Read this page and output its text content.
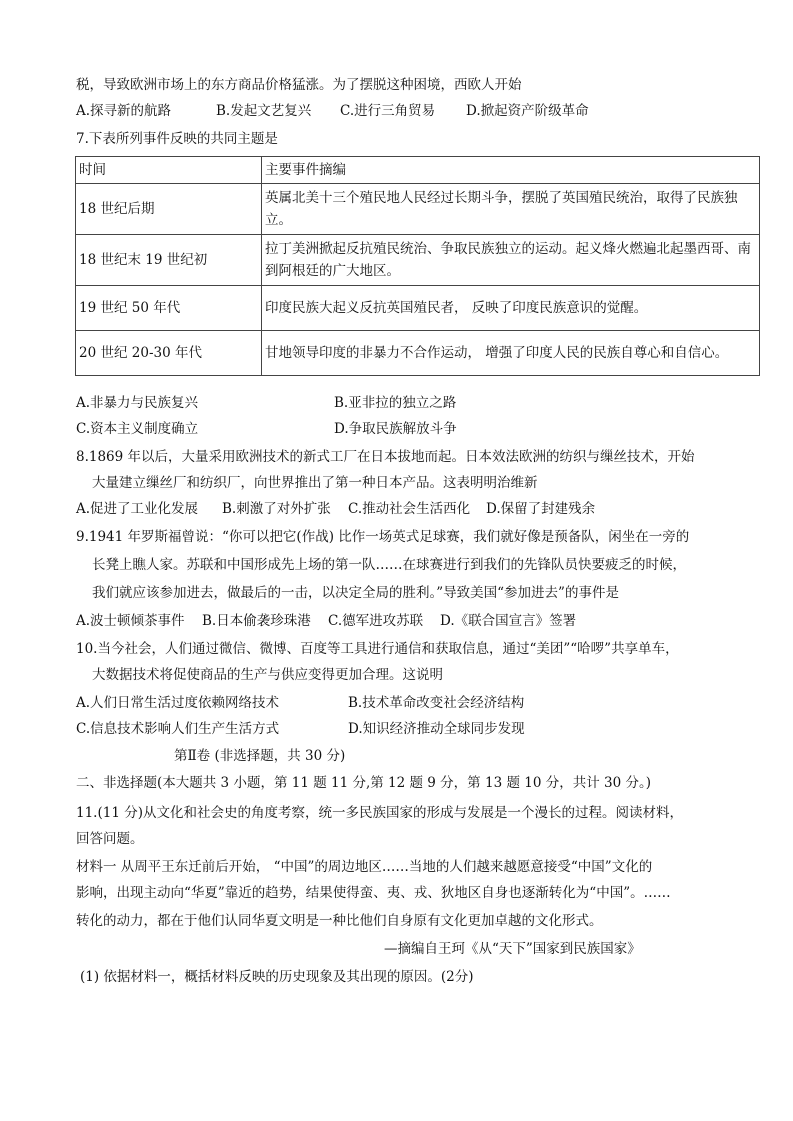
税，导致欧洲市场上的东方商品价格猛涨。为了摆脱这种困境，西欧人开始
A.探寻新的航路	B.发起文艺复兴 C.进行三角贸易 D.掀起资产阶级革命
7.下表所列事件反映的共同主题是
时间	主要事件摘编
18 世纪后期	英属北美十三个殖民地人民经过长期斗争，摆脱了英国殖民统治，取得了民族独立。
18 世纪末 19 世纪初	拉丁美洲掀起反抗殖民统治、争取民族独立的运动。起义烽火燃遍北起墨西哥、南到阿根廷的广大地区。
19 世纪 50 年代	印度民族大起义反抗英国殖民者， 反映了印度民族意识的觉醒。
20 世纪 20-30 年代	甘地领导印度的非暴力不合作运动， 增强了印度人民的民族自尊心和自信心。
A.非暴力与民族复兴	B.亚非拉的独立之路
C.资本主义制度确立	D.争取民族解放斗争
8.1869 年以后，大量采用欧洲技术的新式工厂在日本拔地而起。日本效法欧洲的纺织与缫丝技术，开始
大量建立缫丝厂和纺织厂，向世界推出了第一种日本产品。这表明明治维新
A.促进了工业化发展 B.刺激了对外扩张 C.推动社会生活西化 D.保留了封建残余
9.1941 年罗斯福曾说：“你可以把它(作战) 比作一场英式足球赛，我们就好像是预备队，闲坐在一旁的
长凳上瞧人家。苏联和中国形成先上场的第一队……在球赛进行到我们的先锋队员快要疲乏的时候，
我们就应该参加进去，做最后的一击，以决定全局的胜利。”导致美国“参加进去”的事件是
A.波士顿倾茶事件 B.日本偷袭珍珠港 C.德军进攻苏联 D.《联合国宣言》签署
10.当今社会，人们通过微信、微博、百度等工具进行通信和获取信息，通过“美团”“哈啰”共享单车，
大数据技术将促使商品的生产与供应变得更加合理。这说明
A.人们日常生活过度依赖网络技术	B.技术革命改变社会经济结构
C.信息技术影响人们生产生活方式	D.知识经济推动全球同步发现
第Ⅱ卷 (非选择题，共 30 分)
二、非选择题(本大题共 3 小题，第 11 题 11 分,第 12 题 9 分，第 13 题 10 分，共计 30 分。)
11.(11 分)从文化和社会史的角度考察，统一多民族国家的形成与发展是一个漫长的过程。阅读材料，
回答问题。
材料一 从周平王东迁前后开始， “中国”的周边地区……当地的人们越来越愿意接受“中国”文化的
影响，出现主动向“华夏”靠近的趋势，结果使得蛮、夷、戎、狄地区自身也逐渐转化为“中国”。……
转化的动力，都在于他们认同华夏文明是一种比他们自身原有文化更加卓越的文化形式。
—摘编自王珂《从“天下”国家到民族国家》
(1) 依据材料一，概括材料反映的历史现象及其出现的原因。(2分)
